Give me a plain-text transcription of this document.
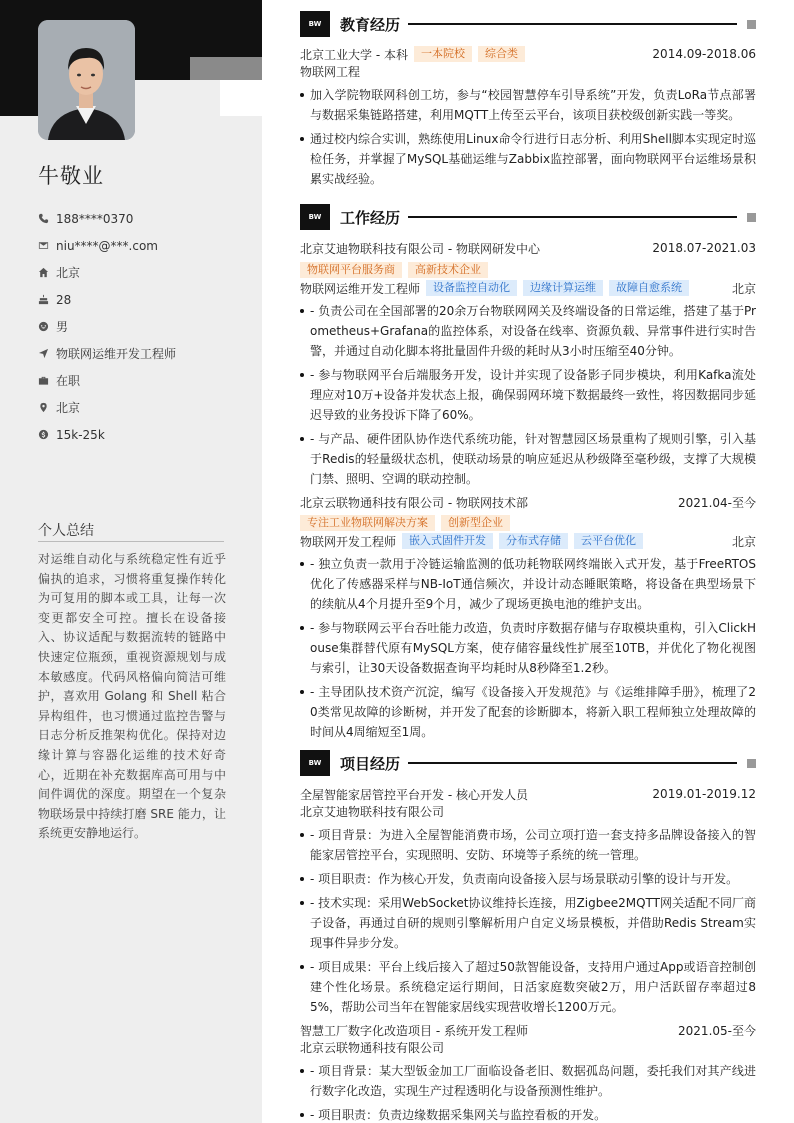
牛敬业
188****0370
niu****@***.com
北京
28
男
物联网运维开发工程师
在职
北京
15k-25k
个人总结
对运维自动化与系统稳定性有近乎偏执的追求，习惯将重复操作转化为可复用的脚本或工具，让每一次变更都安全可控。擅长在设备接入、协议适配与数据流转的链路中快速定位瓶颈，重视资源规划与成本敏感度。代码风格偏向简洁可维护，喜欢用 Golang 和 Shell 粘合异构组件，也习惯通过监控告警与日志分析反推架构优化。保持对边缘计算与容器化运维的技术好奇心，近期在补充数据库高可用与中间件调优的深度。期望在一个复杂物联场景中持续打磨 SRE 能力，让系统更安静地运行。
BW	教育经历
北京工业大学 - 本科	一本院校	综合类	2014.09-2018.06
物联网工程
加入学院物联网科创工坊，参与“校园智慧停车引导系统”开发，负责LoRa节点部署与数据采集链路搭建，利用MQTT上传至云平台，该项目获校级创新实践一等奖。
通过校内综合实训，熟练使用Linux命令行进行日志分析、利用Shell脚本实现定时巡检任务，并掌握了MySQL基础运维与Zabbix监控部署，面向物联网平台运维场景积累实战经验。
BW	工作经历
北京艾迪物联科技有限公司 - 物联网研发中心	2018.07-2021.03
物联网平台服务商	高新技术企业
物联网运维开发工程师	设备监控自动化	边缘计算运维	故障自愈系统	北京
- 负责公司在全国部署的20余万台物联网网关及终端设备的日常运维，搭建了基于Prometheus+Grafana的监控体系，对设备在线率、资源负载、异常事件进行实时告警，并通过自动化脚本将批量固件升级的耗时从3小时压缩至40分钟。
- 参与物联网平台后端服务开发，设计并实现了设备影子同步模块，利用Kafka流处理应对10万+设备并发状态上报，确保弱网环境下数据最终一致性，将因数据同步延迟导致的业务投诉下降了60%。
- 与产品、硬件团队协作迭代系统功能，针对智慧园区场景重构了规则引擎，引入基于Redis的轻量级状态机，使联动场景的响应延迟从秒级降至毫秒级，支撑了大规模门禁、照明、空调的联动控制。
北京云联物通科技有限公司 - 物联网技术部	2021.04-至今
专注工业物联网解决方案	创新型企业
物联网开发工程师	嵌入式固件开发	分布式存储	云平台优化	北京
- 独立负责一款用于冷链运输监测的低功耗物联网终端嵌入式开发，基于FreeRTOS优化了传感器采样与NB-IoT通信频次，并设计动态睡眠策略，将设备在典型场景下的续航从4个月提升至9个月，减少了现场更换电池的维护支出。
- 参与物联网云平台吞吐能力改造，负责时序数据存储与存取模块重构，引入ClickHouse集群替代原有MySQL方案，使存储容量线性扩展至10TB，并优化了物化视图与索引，让30天设备数据查询平均耗时从8秒降至1.2秒。
- 主导团队技术资产沉淀，编写《设备接入开发规范》与《运维排障手册》，梳理了20类常见故障的诊断树，并开发了配套的诊断脚本，将新入职工程师独立处理故障的时间从4周缩短至1周。
BW	项目经历
全屋智能家居管控平台开发 - 核心开发人员	2019.01-2019.12
北京艾迪物联科技有限公司
- 项目背景：为进入全屋智能消费市场，公司立项打造一套支持多品牌设备接入的智能家居管控平台，实现照明、安防、环境等子系统的统一管理。
- 项目职责：作为核心开发，负责南向设备接入层与场景联动引擎的设计与开发。
- 技术实现：采用WebSocket协议维持长连接，用Zigbee2MQTT网关适配不同厂商子设备，再通过自研的规则引擎解析用户自定义场景模板，并借助Redis Stream实现事件异步分发。
- 项目成果：平台上线后接入了超过50款智能设备，支持用户通过App或语音控制创建个性化场景。系统稳定运行期间，日活家庭数突破2万，用户活跃留存率超过85%，帮助公司当年在智能家居线实现营收增长1200万元。
智慧工厂数字化改造项目 - 系统开发工程师	2021.05-至今
北京云联物通科技有限公司
- 项目背景：某大型钣金加工厂面临设备老旧、数据孤岛问题，委托我们对其产线进行数字化改造，实现生产过程透明化与设备预测性维护。
- 项目职责：负责边缘数据采集网关与监控看板的开发。
